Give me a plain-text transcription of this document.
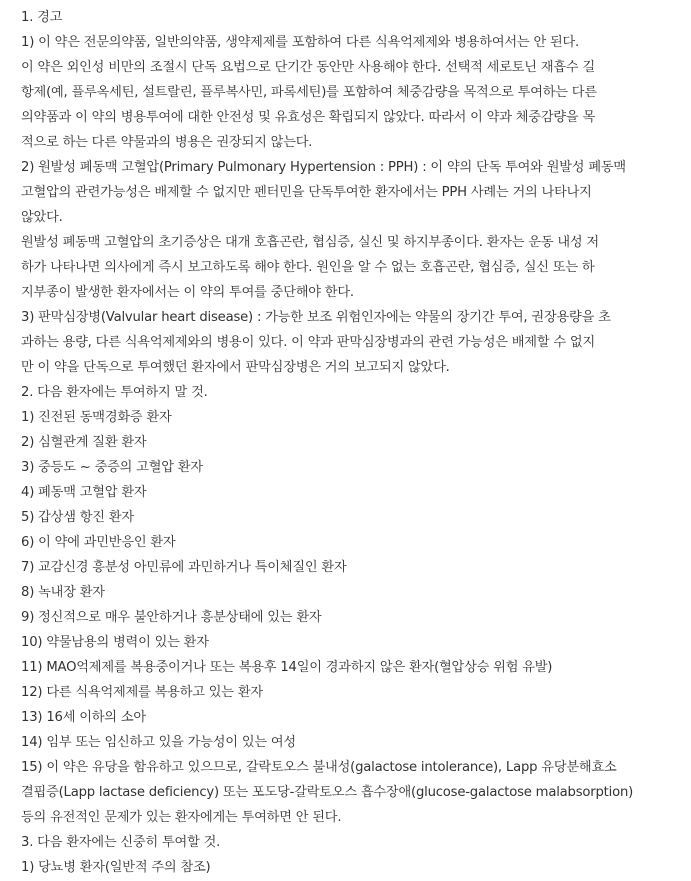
1. 경고
1) 이 약은 전문의약품, 일반의약품, 생약제제를 포함하여 다른 식욕억제제와 병용하여서는 안 된다.
이 약은 외인성 비만의 조절시 단독 요법으로 단기간 동안만 사용해야 한다. 선택적 세로토닌 재흡수 길
항제(예, 플루옥세틴, 설트랄린, 플루복사민, 파록세틴)를 포함하여 체중감량을 목적으로 투여하는 다른
의약품과 이 약의 병용투여에 대한 안전성 및 유효성은 확립되지 않았다. 따라서 이 약과 체중감량을 목
적으로 하는 다른 약물과의 병용은 권장되지 않는다.
2) 원발성 폐동맥 고혈압(Primary Pulmonary Hypertension : PPH) : 이 약의 단독 투여와 원발성 폐동맥
고혈압의 관련가능성은 배제할 수 없지만 펜터민을 단독투여한 환자에서는 PPH 사례는 거의 나타나지
않았다.
원발성 폐동맥 고혈압의 초기증상은 대개 호흡곤란, 협심증, 실신 및 하지부종이다. 환자는 운동 내성 저
하가 나타나면 의사에게 즉시 보고하도록 해야 한다. 원인을 알 수 없는 호흡곤란, 협심증, 실신 또는 하
지부종이 발생한 환자에서는 이 약의 투여를 중단해야 한다.
3) 판막심장병(Valvular heart disease) : 가능한 보조 위험인자에는 약물의 장기간 투여, 권장용량을 초
과하는 용량, 다른 식욕억제제와의 병용이 있다. 이 약과 판막심장병과의 관련 가능성은 배제할 수 없지
만 이 약을 단독으로 투여했던 환자에서 판막심장병은 거의 보고되지 않았다.
2. 다음 환자에는 투여하지 말 것.
1) 진전된 동맥경화증 환자
2) 심혈관계 질환 환자
3) 중등도 ~ 중증의 고혈압 환자
4) 폐동맥 고혈압 환자
5) 갑상샘 항진 환자
6) 이 약에 과민반응인 환자
7) 교감신경 흥분성 아민류에 과민하거나 특이체질인 환자
8) 녹내장 환자
9) 정신적으로 매우 불안하거나 흥분상태에 있는 환자
10) 약물남용의 병력이 있는 환자
11) MAO억제제를 복용중이거나 또는 복용후 14일이 경과하지 않은 환자(혈압상승 위험 유발)
12) 다른 식욕억제제를 복용하고 있는 환자
13) 16세 이하의 소아
14) 임부 또는 임신하고 있을 가능성이 있는 여성
15) 이 약은 유당을 함유하고 있으므로, 갈락토오스 불내성(galactose intolerance), Lapp 유당분해효소
결핍증(Lapp lactase deficiency) 또는 포도당-갈락토오스 흡수장애(glucose-galactose malabsorption)
등의 유전적인 문제가 있는 환자에게는 투여하면 안 된다.
3. 다음 환자에는 신중히 투여할 것.
1) 당뇨병 환자(일반적 주의 참조)
